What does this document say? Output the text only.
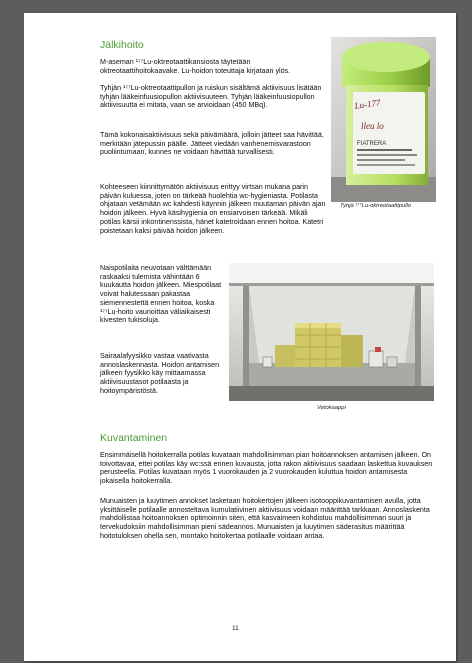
Jälkihoito

M-aseman ¹⁷⁷Lu-oktreotaattikansiosta täytetään oktreotaattihoitokaavake. Lu-hoidon toteuttaja kirjataan ylös.

Tyhjän ¹⁷⁷Lu-oktreotaattipullon ja ruiskun sisältämä aktiivisuus lisätään tyhjän lääkeinfuusiopullon aktiivisuuteen. Tyhjän lääkeinfuusiopullon aktiivisuutta ei mitata, vaan se arvioidaan (450 MBq).

Tämä kokonaisaktiivisuus sekä päivämäärä, jolloin jätteet saa hävittää, merkitään jätepussin päälle. Jätteet viedään vanhenemisvarastoon puoliintumaan, kunnes ne voidaan hävittää turvallisesti.

Kohteeseen kiinnittymätön aktiivisuus erittyy virtsan mukana parin päivän kuluessa, joten on tärkeää huolehtia wc-hygieniasta. Potilasta ohjataan vetämään wc kahdesti käynnin jälkeen muutaman päivän ajan hoidon jälkeen. Hyvä käsihygienia on ensiarvoisen tärkeää. Mikäli potilas kärsii inkontinenssista, hänet katetroidaan ennen hoitoa. Katetri poistetaan kaksi päivää hoidon jälkeen.

Naispotilaita neuvotaan välttämään raskaaksi tulemista vähintään 6 kuukautta hoidon jälkeen. Miespotilaat voivat halutessaan pakastaa siemennestettä ennen hoitoa, koska ¹⁷⁷Lu-hoito vaurioittaa väliaikaisesti kivesten tukisoluja.

Sairaalafyysikko vastaa vaativasta annoslaskennasta. Hoidon antamisen jälkeen fyysikko käy mittaamassa aktiivisuustasot potilaasta ja hoitoympäristöstä.

Lu-177
lleu lo
FIATRERA
Tyhjä ¹⁷⁷Lu-oktreotaattipullo
Vetokaappi
Kuvantaminen

Ensimmäisellä hoitokerralla potilas kuvataan mahdollisimman pian hoitoannoksen antamisen jälkeen. On toivottavaa, ettei potilas käy wc:ssä ennen kuvausta, jotta rakon aktiivisuus saadaan laskettua kuvauksen perusteella. Potilas kuvataan myös 1 vuorokauden ja 2 vuorokauden kuluttua hoidon antamisesta jokaisella hoitokerralla.

Munuaisten ja luuytimen annokset lasketaan hoitokertojen jälkeen isotooppikuvantamisen avulla, jotta yksittäiselle potilaalle annosteltava kumulatiivinen aktiivisuus voidaan määrittää tarkkaan. Annoslaskenta mahdollistaa hoitoannoksen optimoinnin siten, että kasvaimeen kohdistuu mahdollisimman suuri ja tervekudoksiin mahdollisimman pieni sädeannos. Munuaisten ja luuytimen säderasitus määrittää hoitotuloksen ohella sen, montako hoitokertaa potilaalle voidaan antaa.

11
